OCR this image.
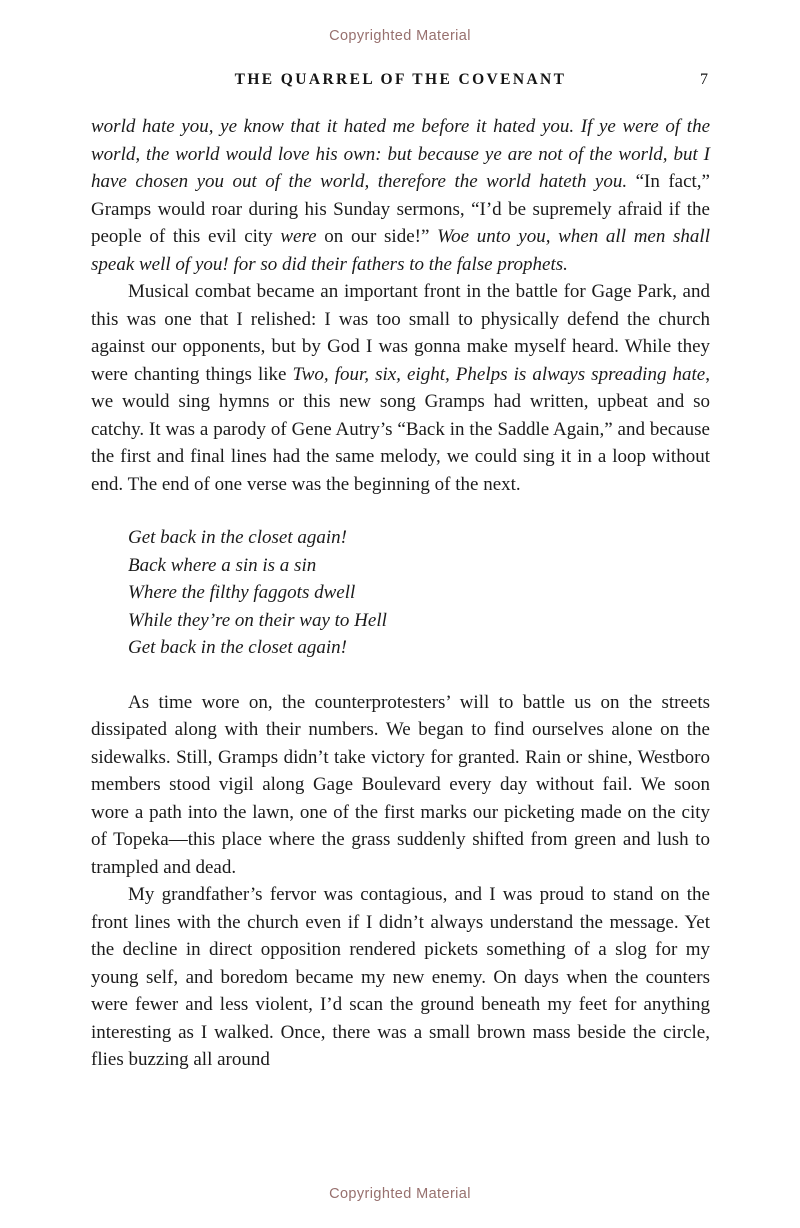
Copyrighted Material
THE QUARREL OF THE COVENANT	7

world hate you, ye know that it hated me before it hated you. If ye were of the world, the world would love his own: but because ye are not of the world, but I have chosen you out of the world, therefore the world hateth you. “In fact,” Gramps would roar during his Sunday sermons, “I’d be supremely afraid if the people of this evil city were on our side!” Woe unto you, when all men shall speak well of you! for so did their fathers to the false prophets.

Musical combat became an important front in the battle for Gage Park, and this was one that I relished: I was too small to physically defend the church against our opponents, but by God I was gonna make myself heard. While they were chanting things like Two, four, six, eight, Phelps is always spreading hate, we would sing hymns or this new song Gramps had written, upbeat and so catchy. It was a parody of Gene Autry’s “Back in the Saddle Again,” and because the first and final lines had the same melody, we could sing it in a loop without end. The end of one verse was the beginning of the next.

Get back in the closet again!
Back where a sin is a sin
Where the filthy faggots dwell
While they’re on their way to Hell
Get back in the closet again!

As time wore on, the counterprotesters’ will to battle us on the streets dissipated along with their numbers. We began to find ourselves alone on the sidewalks. Still, Gramps didn’t take victory for granted. Rain or shine, Westboro members stood vigil along Gage Boulevard every day without fail. We soon wore a path into the lawn, one of the first marks our picketing made on the city of Topeka—this place where the grass suddenly shifted from green and lush to trampled and dead.

My grandfather’s fervor was contagious, and I was proud to stand on the front lines with the church even if I didn’t always understand the message. Yet the decline in direct opposition rendered pickets something of a slog for my young self, and boredom became my new enemy. On days when the counters were fewer and less violent, I’d scan the ground beneath my feet for anything interesting as I walked. Once, there was a small brown mass beside the circle, flies buzzing all around

Copyrighted Material
